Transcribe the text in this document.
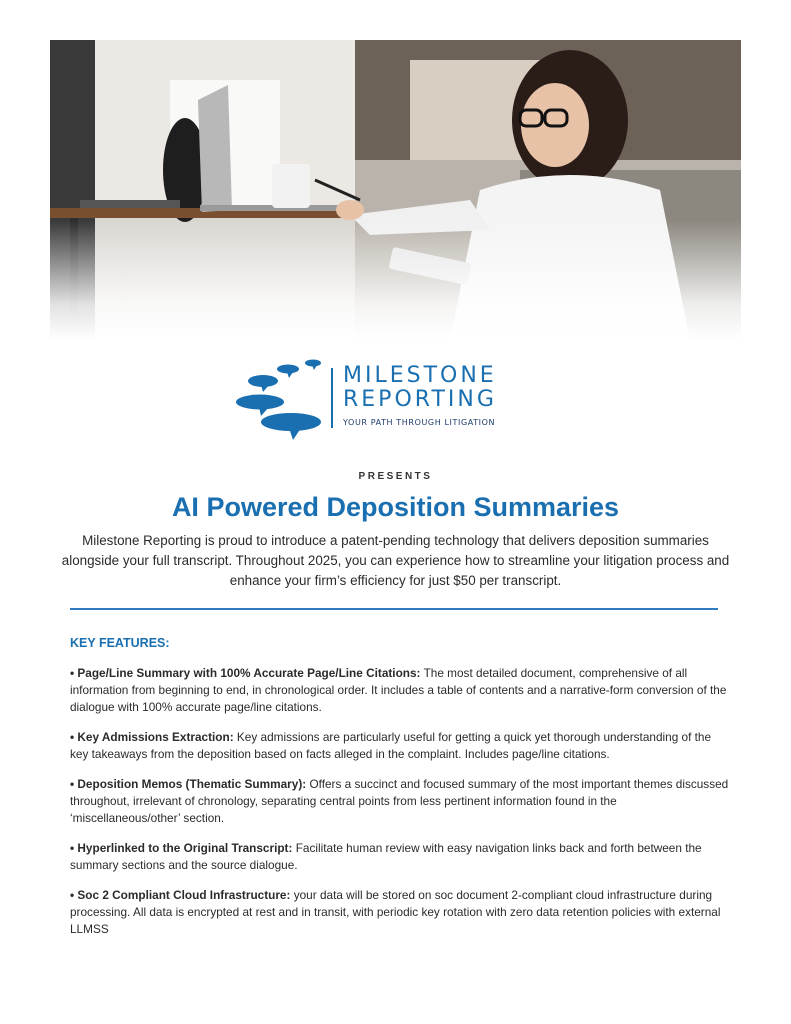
MILESTONE
REPORTING
YOUR PATH THROUGH LITIGATION
PRESENTS
AI Powered Deposition Summaries
Milestone Reporting is proud to introduce a patent-pending technology that delivers deposition summaries alongside your full transcript. Throughout 2025, you can experience how to streamline your litigation process and enhance your firm’s efficiency for just $50 per transcript.
KEY FEATURES:

• Page/Line Summary with 100% Accurate Page/Line Citations: The most detailed document, comprehensive of all information from beginning to end, in chronological order. It includes a table of contents and a narrative-form conversion of the dialogue with 100% accurate page/line citations.

• Key Admissions Extraction: Key admissions are particularly useful for getting a quick yet thorough understanding of the key takeaways from the deposition based on facts alleged in the complaint. Includes page/line citations.

• Deposition Memos (Thematic Summary): Offers a succinct and focused summary of the most important themes discussed throughout, irrelevant of chronology, separating central points from less pertinent information found in the ‘miscellaneous/other’ section.

• Hyperlinked to the Original Transcript: Facilitate human review with easy navigation links back and forth between the summary sections and the source dialogue.

• Soc 2 Compliant Cloud Infrastructure: your data will be stored on soc document 2-compliant cloud infrastructure during processing. All data is encrypted at rest and in transit, with periodic key rotation with zero data retention policies with external LLMSS
